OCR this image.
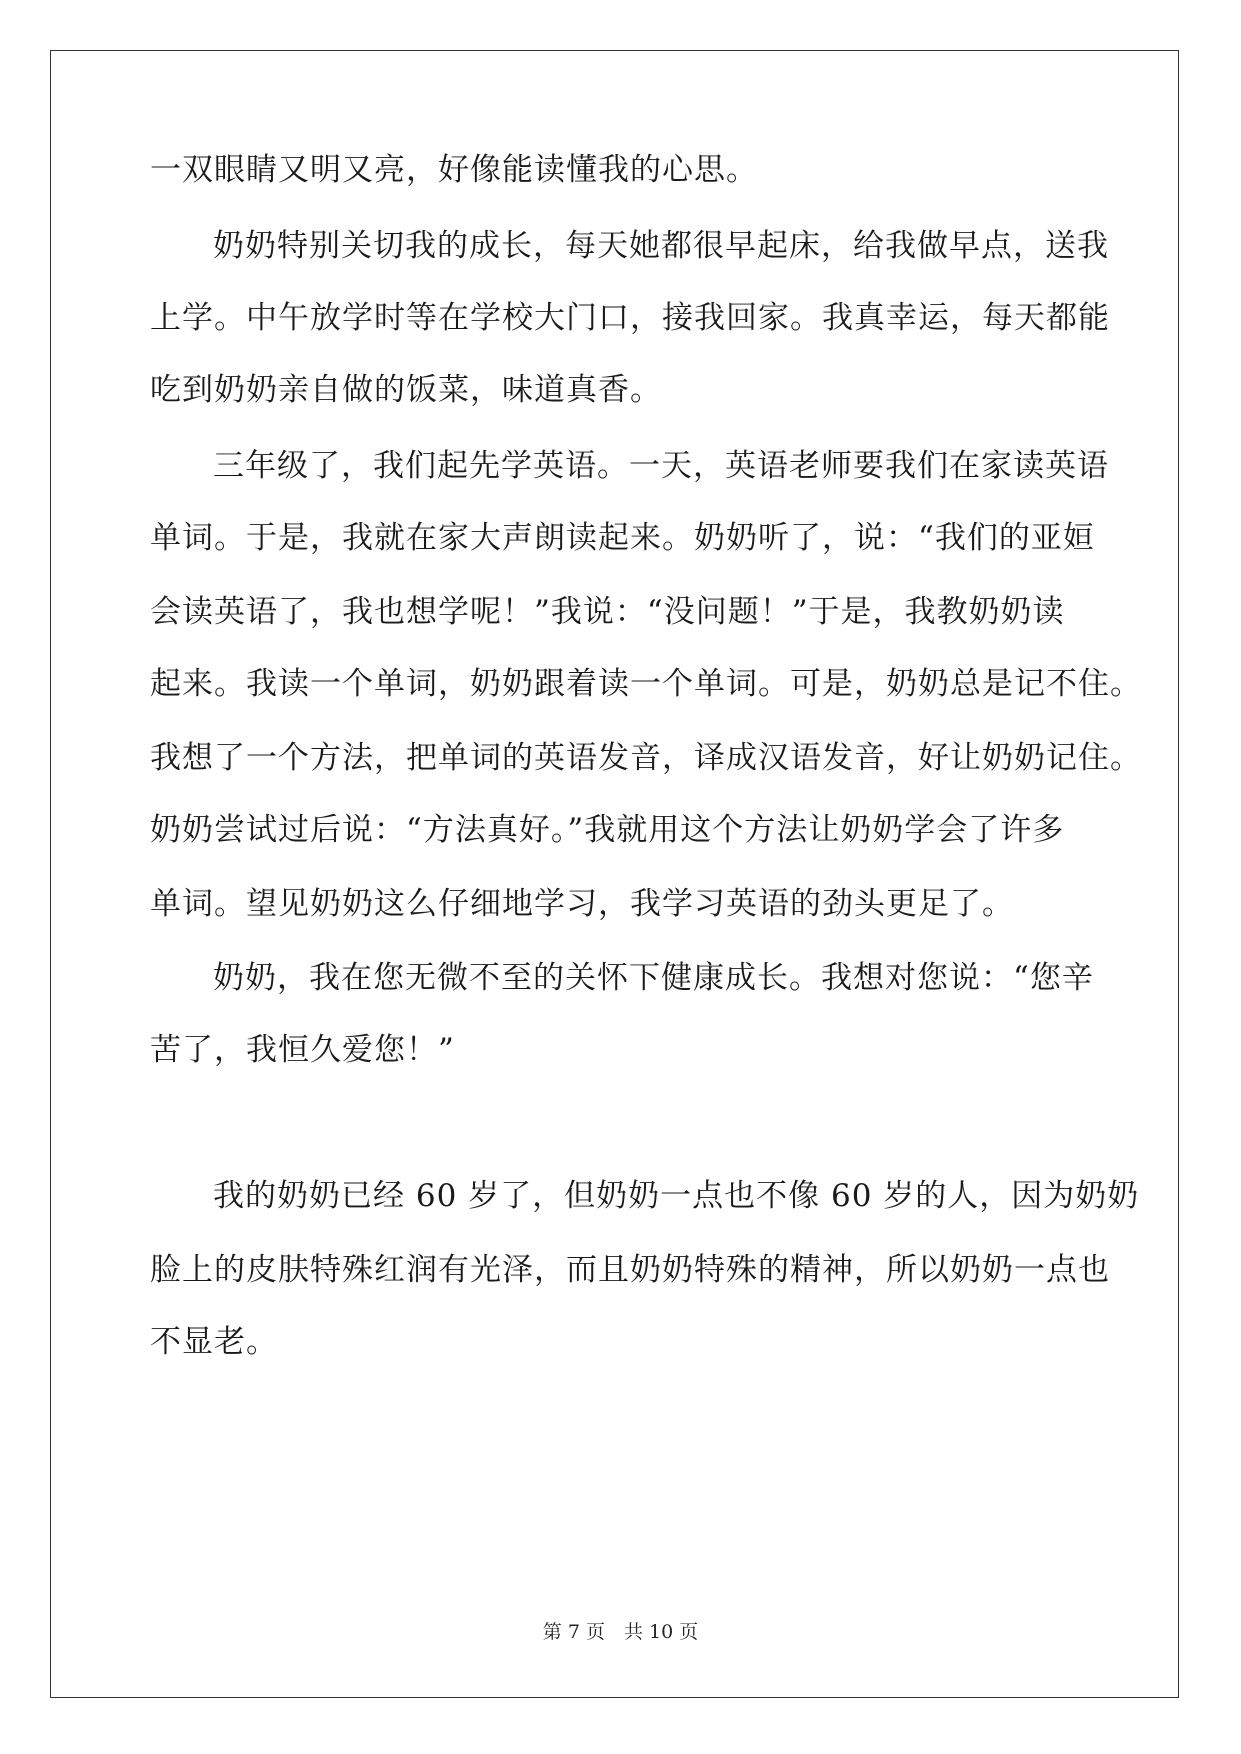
一双眼睛又明又亮，好像能读懂我的心思。
奶奶特别关切我的成长，每天她都很早起床，给我做早点，送我
上学。中午放学时等在学校大门口，接我回家。我真幸运，每天都能
吃到奶奶亲自做的饭菜，味道真香。
三年级了，我们起先学英语。一天，英语老师要我们在家读英语
单词。于是，我就在家大声朗读起来。奶奶听了，说：“我们的亚姮
会读英语了，我也想学呢！”我说：“没问题！”于是，我教奶奶读
起来。我读一个单词，奶奶跟着读一个单词。可是，奶奶总是记不住。
我想了一个方法，把单词的英语发音，译成汉语发音，好让奶奶记住。
奶奶尝试过后说：“方法真好。”我就用这个方法让奶奶学会了许多
单词。望见奶奶这么仔细地学习，我学习英语的劲头更足了。
奶奶，我在您无微不至的关怀下健康成长。我想对您说：“您辛
苦了，我恒久爱您！”
我的奶奶已经 60 岁了，但奶奶一点也不像 60 岁的人，因为奶奶
脸上的皮肤特殊红润有光泽，而且奶奶特殊的精神，所以奶奶一点也
不显老。
第 7 页　共 10 页
